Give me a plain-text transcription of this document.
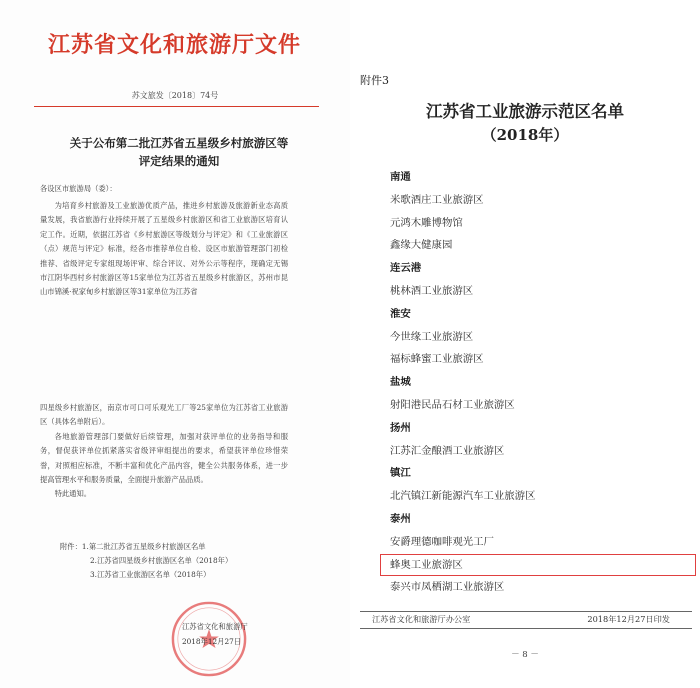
江苏省文化和旅游厅文件
苏文旅发〔2018〕74号
关于公布第二批江苏省五星级乡村旅游区等
评定结果的通知
各设区市旅游局（委）：

为培育乡村旅游及工业旅游优质产品，推进乡村旅游及旅游新业态高质量发展，我省旅游行业持续开展了五星级乡村旅游区和省工业旅游区培育认定工作。近期，依据江苏省《乡村旅游区等级划分与评定》和《工业旅游区（点）规范与评定》标准，经各市推荐单位自检、设区市旅游管理部门初检推荐、省级评定专家组现场评审、综合评议、对外公示等程序，现确定无锡市江阴华西村乡村旅游区等15家单位为江苏省五星级乡村旅游区，苏州市昆山市锦溪·祝家甸乡村旅游区等31家单位为江苏省

四星级乡村旅游区，南京市可口可乐观光工厂等25家单位为江苏省工业旅游区（具体名单附后）。

各地旅游管理部门要做好后续管理，加强对获评单位的业务指导和服务，督促获评单位抓紧落实省级评审组提出的要求，希望获评单位珍惜荣誉，对照相应标准，不断丰富和优化产品内容，健全公共服务体系，进一步提高管理水平和服务质量，全面提升旅游产品品质。

特此通知。

附件：1.第二批江苏省五星级乡村旅游区名单

2.江苏省四星级乡村旅游区名单（2018年）

3.江苏省工业旅游区名单（2018年）

江苏省文化和旅游厅
2018年12月27日
附件3
江苏省工业旅游示范区名单
（2018年）
南通
米歌酒庄工业旅游区
元鸿木雕博物馆
鑫缘大健康园
连云港
桃林酒工业旅游区
淮安
今世缘工业旅游区
福标蜂蜜工业旅游区
盐城
射阳港民品石材工业旅游区
扬州
江苏汇金酿酒工业旅游区
镇江
北汽镇江新能源汽车工业旅游区
泰州
安爵理德咖啡观光工厂
蜂奥工业旅游区
泰兴市凤栖湖工业旅游区
江苏省文化和旅游厅办公室	2018年12月27日印发
－ 8 －
